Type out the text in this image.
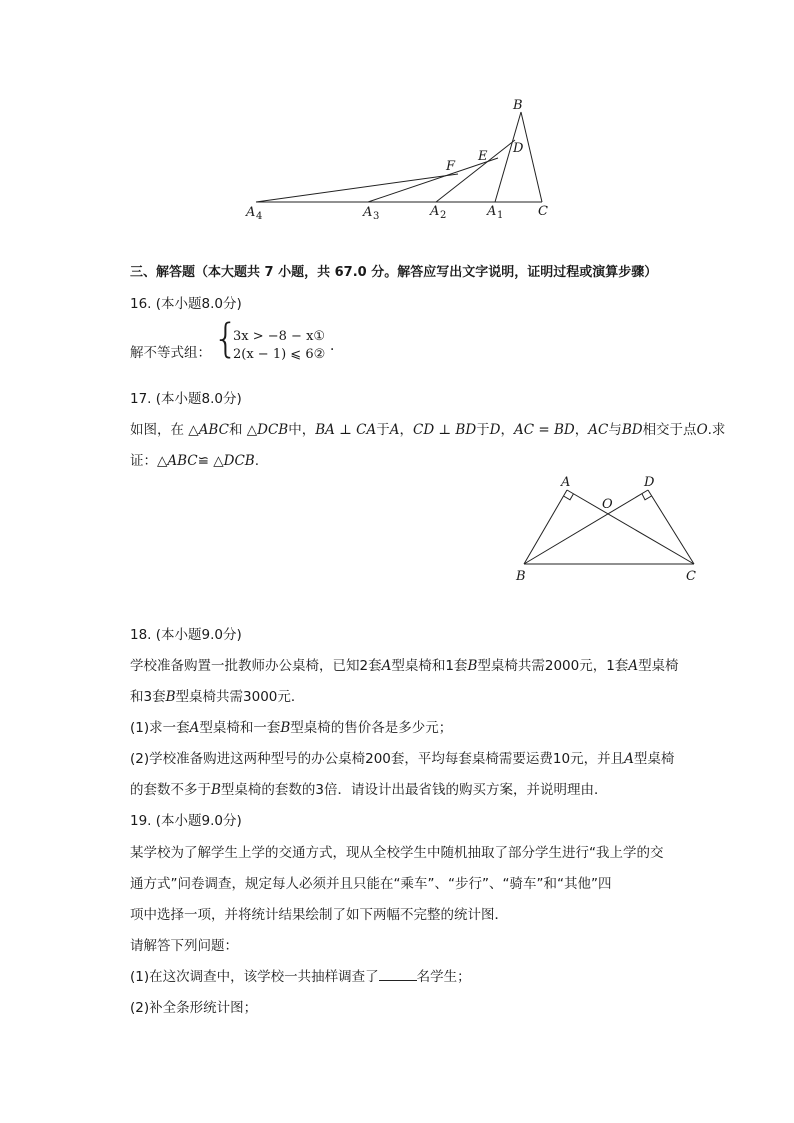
B
D
E
F
A 4	A 3	A 2	A 1	C
三、解答题（本大题共 7 小题，共 67.0 分。解答应写出文字说明，证明过程或演算步骤）
16. (本小题8.0分)
解不等式组： {
3x > −8 − x①
2(x − 1) ⩽ 6②
.
17. (本小题8.0分)
如图，在 △ABC和 △DCB中，BA ⊥ CA于A，CD ⊥ BD于D，AC = BD，AC与BD相交于点O.求
证：△ABC≌ △DCB.
A	D
O
B	C
18. (本小题9.0分)
学校准备购置一批教师办公桌椅，已知2套A型桌椅和1套B型桌椅共需2000元，1套A型桌椅
和3套B型桌椅共需3000元．
(1)求一套A型桌椅和一套B型桌椅的售价各是多少元；
(2)学校准备购进这两种型号的办公桌椅200套，平均每套桌椅需要运费10元，并且A型桌椅
的套数不多于B型桌椅的套数的3倍．请设计出最省钱的购买方案，并说明理由．
19. (本小题9.0分)
某学校为了解学生上学的交通方式，现从全校学生中随机抽取了部分学生进行“我上学的交
通方式”问卷调查，规定每人必须并且只能在“乘车”、“步行”、“骑车”和“其他”四
项中选择一项，并将统计结果绘制了如下两幅不完整的统计图．
请解答下列问题：
(1)在这次调查中，该学校一共抽样调查了	名学生；
(2)补全条形统计图；
